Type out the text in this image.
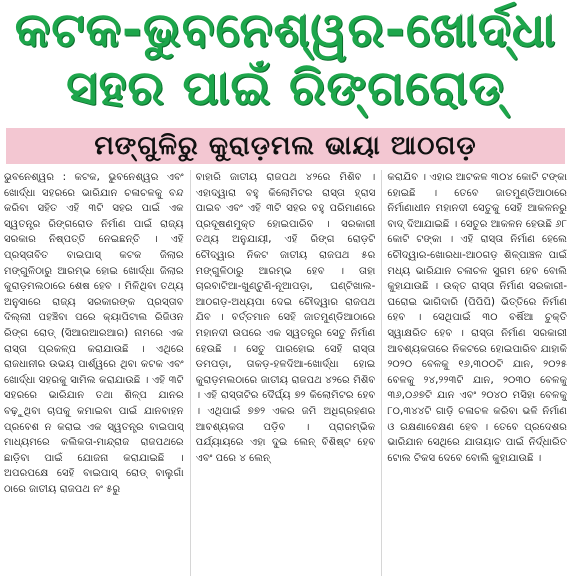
କଟକ-ଭୁବନେଶ୍ୱର-ଖୋର୍ଦ୍ଧା
ସହର ପାଇଁ ରିଙ୍ଗରୋଡ୍
ମଙ୍ଗୁଳିରୁ କୁରାଡ଼ମଲ ଭାୟା ଆଠଗଡ଼

ଭୁବନେଶ୍ୱର : କଟକ, ଭୁବନେଶ୍ୱର ଏବଂ ଖୋର୍ଦ୍ଧା ସହରରେ ଭାରିଯାନ ଚଳାଚଳକୁ ବନ୍ଦ କରିବା ସହିତ ଏହି ୩ଟି ସହର ପାଇଁ ଏକ ସ୍ୱତନ୍ତ୍ର ରିଙ୍ଗରୋଡ ନିର୍ମାଣ ପାଇଁ ରାଜ୍ୟ ସରକାର ନିଷ୍ପତ୍ତି ନେଇଛନ୍ତି । ଏହି ପ୍ରସ୍ତାବିତ ବାଇପାସ୍ କଟକ ଜିଲାର ମଙ୍ଗୁଳିଠାରୁ ଆରମ୍ଭ ହୋଇ ଖୋର୍ଦ୍ଧା ଜିଲାର କୁରାଡ଼ମଲଠାରେ ଶେଷ ହେବ । ମିଳିଥିବା ତଥ୍ୟ ଅନୁସାରେ ରାଜ୍ୟ ସରକାରଙ୍କ ପ୍ରସ୍ତାବ ଦିଲ୍ଲୀ ପହଞ୍ଚିବା ପରେ କ୍ୟାପିଟାଲ ରିଜିଓନ ରିଙ୍ଗ ରୋଡ୍ (ସିଆରଆରଆର) ନାମରେ ଏକ ରାସ୍ତା ପ୍ରକଳ୍ପ କରାଯାଉଛି । ଏଥିରେ ରାଜଧାନୀର ଉଭୟ ପାର୍ଶ୍ୱରେ ଥିବା କଟକ ଏବଂ ଖୋର୍ଦ୍ଧା ସହରକୁ ସାମିଲ କରାଯାଉଛି । ଏହି ୩ଟି ସହରରେ ଭାରିଯାନ ତଥା ଶିଳ୍ପ ଯାନର ବଢ଼ୁଥିବା ଚାପକୁ କମାଇବା ପାଇଁ ଯାନବାହନ ପ୍ରବେଶ ନ କରାଇ ଏକ ସ୍ୱତନ୍ତ୍ର ବାଇପାସ୍ ମାଧ୍ୟମରେ କଲିକତା-ମାନ୍ଦ୍ରାଜ ରାଜପଥରେ ଛାଡ଼ିବା ପାଇଁ ଯୋଜନା କରାଯାଇଛି । ଅପରପକ୍ଷେ ସେହି ବାଇପାସ୍ ରୋଡ୍ ବାଲୁଗାଁ ଠାରେ ଜାତୀୟ ରାଜପଥ ନଂ ୫ରୁ

ବାହାରି ଜାତୀୟ ରାଜପଥ ୪୨ରେ ମିଶିବ । ଏହାଦ୍ୱାରା ବହୁ କିଲୋମିଟର ରାସ୍ତା ହ୍ରାସ ପାଇବ ଏବଂ ଏହି ୩ଟି ସହର ବହୁ ପରିମାଣରେ ପ୍ରଦୂଷଣମୁକ୍ତ ହୋଇପାରିବ । ସରକାରୀ ତଥ୍ୟ ଅନୁଯାୟୀ, ଏହି ରିଙ୍ଗ ରୋଡ଼ଟି ଚୌଦ୍ୱାର ନିକଟ ଜାତୀୟ ରାଜପଥ ୫ର ମଙ୍ଗୁଳିଠାରୁ ଆରମ୍ଭ ହେବ । ତାହା ଚାରବାଟିଆ-ଖୁଣ୍ଟୁଣି-ନୂଆପଡ଼ା, ଘଣ୍ଟିଖାଲ-ଆଠଗଡ଼-ଅଧ୍ୟପା ଦେଇ ଚୌଦ୍ୱାର ରାଜପଥ ଯିବ । ବର୍ତ୍ତମାନ ସେହି ଜାତମୁଣ୍ଡିଆଠାରେ ମହାନଦୀ ଉପରେ ଏକ ସ୍ୱତନ୍ତ୍ର ସେତୁ ନିର୍ମାଣ ହେଉଛି । ସେତୁ ପାରହୋଇ ସେହି ରାସ୍ତା ଡମପଡ଼ା, ତାକଡ଼-ହଳଦିଆ-ଖୋର୍ଦ୍ଧା ହୋଇ କୁରାଡ଼ମଲଠାରେ ଜାତୀୟ ରାଜପଥ ୪୨ରେ ମିଶିବ । ଏହି ରାସ୍ତାଟିର ଦୈର୍ଘ୍ୟ ୭୨ କିଲୋମିଟର ହେବ । ଏଥିପାଇଁ ୭୭୨ ଏକର ଜମି ଅଧିଗ୍ରହଣର ଆବଶ୍ୟକତା ପଡ଼ିବ । ପ୍ରାରମ୍ଭିକ ପର୍ଯ୍ୟାୟରେ ଏହା ଦୁଇ ଲେନ୍ ବିଶିଷ୍ଟ ହେବ ଏବଂ ପରେ ୪ ଲେନ୍

କରାଯିବ । ଏହାର ଆଟକଳ ୩୦୪ କୋଟି ଟଙ୍କା ହୋଇଛି । ତେବେ ଜାତମୁଣ୍ଡିଆଠାରେ ନିର୍ମାଣାଧୀନ ମହାନଦୀ ସେତୁକୁ ସେହି ଆକଳନରୁ ବାଦ୍ ଦିଆଯାଇଛି । ସେତୁର ଆକଳନ ହେଉଛି ୬୮ କୋଟି ଟଙ୍କା । ଏହି ରାସ୍ତା ନିର୍ମାଣ ହେଲେ ଚୌଦ୍ୱାର-ଖୋରଧା-ଆଠଗଡ଼ ଶିଳ୍ପାଞ୍ଚଳ ପାଇଁ ମଧ୍ୟ ଭାରିଯାନ ଚଳାଚଳ ସୁଗମ ହେବ ବୋଲି କୁହାଯାଉଛି । ଉକ୍ତ ରାସ୍ତା ନିର୍ମାଣ ସରକାରୀ-ଘରୋଇ ଭାଗିଦାରି (ପିପିପି) ଭିତ୍ତିରେ ନିର୍ମାଣ ହେବ । ସେଥିପାଇଁ ୩୦ ବର୍ଷିଆ ଚୁକ୍ତି ସ୍ୱାକ୍ଷରିତ ହେବ । ରାସ୍ତା ନିର୍ମାଣ ସରକାରୀ ଆବଶ୍ୟକତାରେ ନିକଟରେ ହୋଇପାରିବ ଯାହାକି ୨୦୨୦ ବେଳକୁ ୧୬,୩୦୦ଟି ଯାନ, ୨୦୨୫ ବେଳକୁ ୨୪,୨୨୩ଟି ଯାନ, ୨୦୩୦ ବେଳକୁ ୩୬,୦୬୭ଟି ଯାନ ଏବଂ ୨୦୪୦ ମସିହା ବେଳକୁ ୮୦,୩୪୪ଟି ଗାଡ଼ି ଚଳାଚଳ କରିବା ଭଳି ନିର୍ମାଣ ଓ ରକ୍ଷଣାବେକ୍ଷଣ ହେବ । ତେବେ ପ୍ରଦେଶର ଭାରିଯାନ ସେଥିରେ ଯାତାୟାତ ପାଇଁ ନିର୍ଦ୍ଧାରିତ ଟୋଲ ଟିକସ ଦେବେ ବୋଲି କୁହାଯାଉଛି ।
